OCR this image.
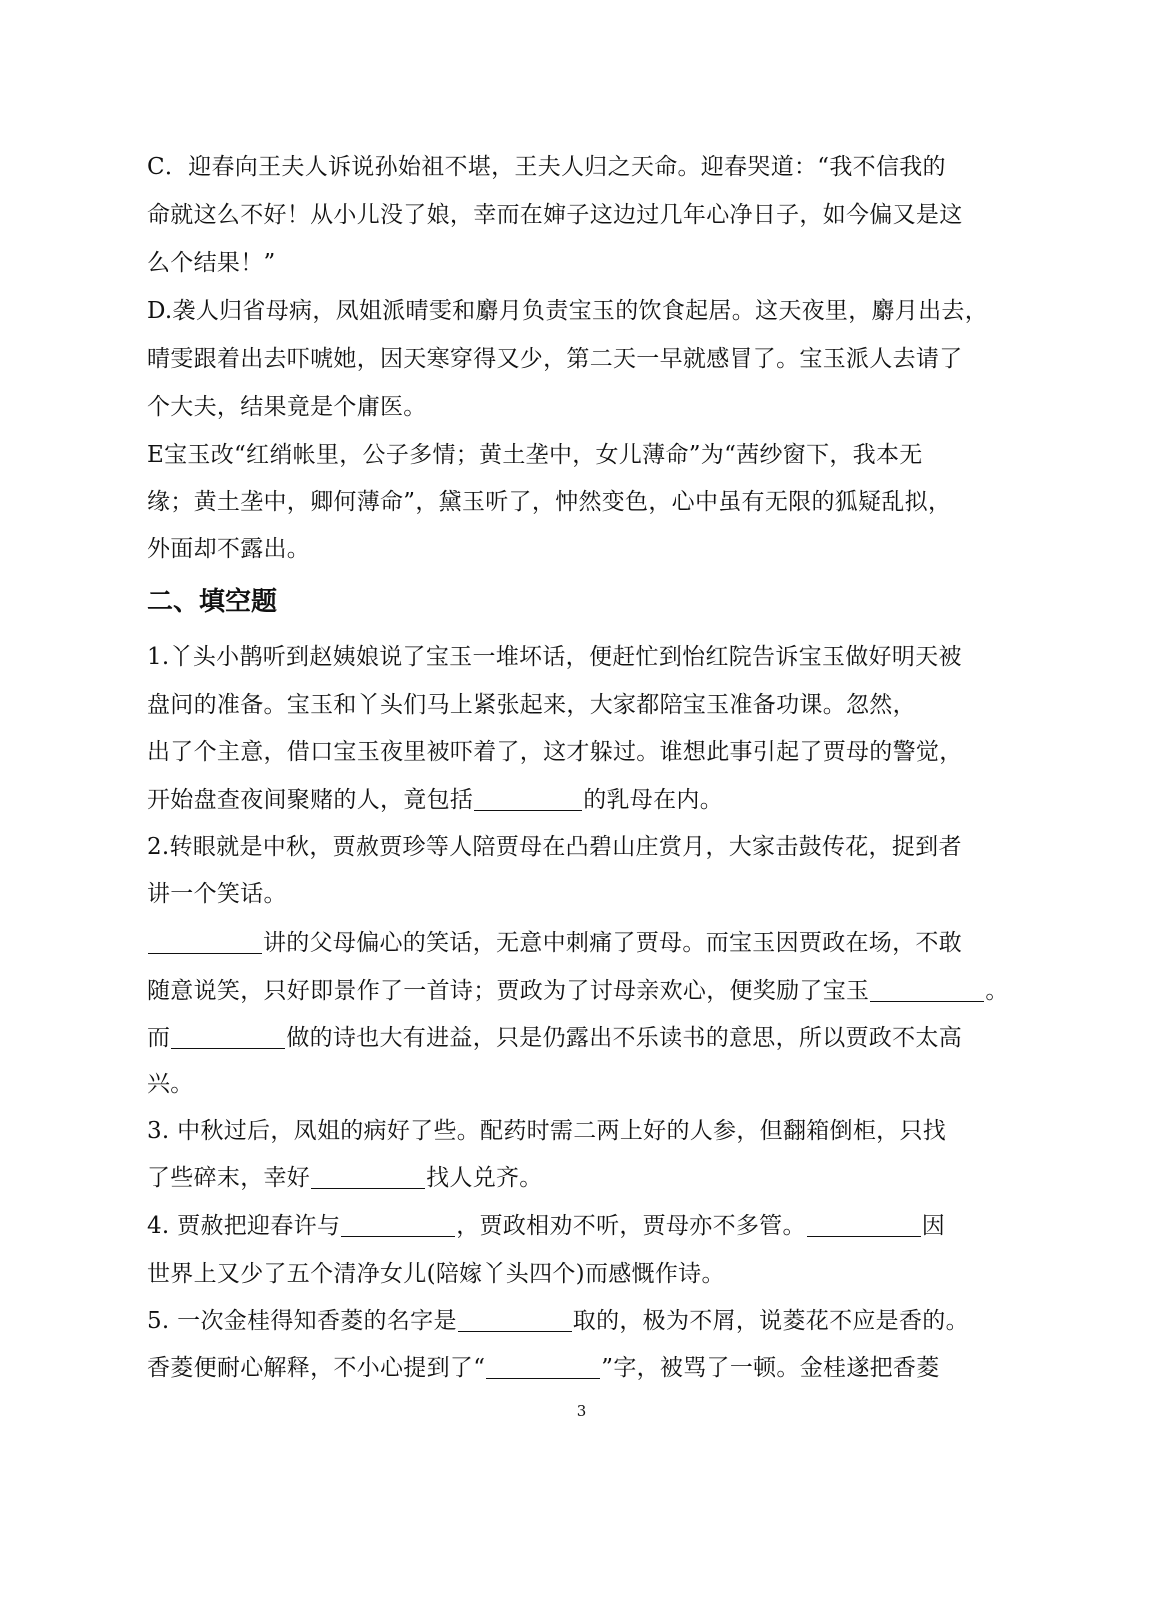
C．迎春向王夫人诉说孙始祖不堪，王夫人归之天命。迎春哭道：“我不信我的
命就这么不好！从小儿没了娘，幸而在婶子这边过几年心净日子，如今偏又是这
么个结果！”
D.袭人归省母病，凤姐派晴雯和麝月负责宝玉的饮食起居。这天夜里，麝月出去，
晴雯跟着出去吓唬她，因天寒穿得又少，第二天一早就感冒了。宝玉派人去请了
个大夫，结果竟是个庸医。
E宝玉改“红绡帐里，公子多情；黄土垄中，女儿薄命”为“茜纱窗下，我本无
缘；黄土垄中，卿何薄命”，黛玉听了，忡然变色，心中虽有无限的狐疑乱拟，
外面却不露出。
二、填空题
1.丫头小鹊听到赵姨娘说了宝玉一堆坏话，便赶忙到怡红院告诉宝玉做好明天被
盘问的准备。宝玉和丫头们马上紧张起来，大家都陪宝玉准备功课。忽然，
出了个主意，借口宝玉夜里被吓着了，这才躲过。谁想此事引起了贾母的警觉，
开始盘查夜间聚赌的人，竟包括	的乳母在内。
2.转眼就是中秋，贾赦贾珍等人陪贾母在凸碧山庄赏月，大家击鼓传花，捉到者
讲一个笑话。
讲的父母偏心的笑话，无意中刺痛了贾母。而宝玉因贾政在场，不敢
随意说笑，只好即景作了一首诗；贾政为了讨母亲欢心，便奖励了宝玉	。
而	做的诗也大有进益，只是仍露出不乐读书的意思，所以贾政不太高
兴。
3. 中秋过后，凤姐的病好了些。配药时需二两上好的人参，但翻箱倒柜，只找
了些碎末，幸好	找人兑齐。
4. 贾赦把迎春许与	，贾政相劝不听，贾母亦不多管。	因
世界上又少了五个清净女儿(陪嫁丫头四个)而感慨作诗。
5. 一次金桂得知香菱的名字是	取的，极为不屑，说菱花不应是香的。
香菱便耐心解释，不小心提到了“	”字，被骂了一顿。金桂遂把香菱
3
